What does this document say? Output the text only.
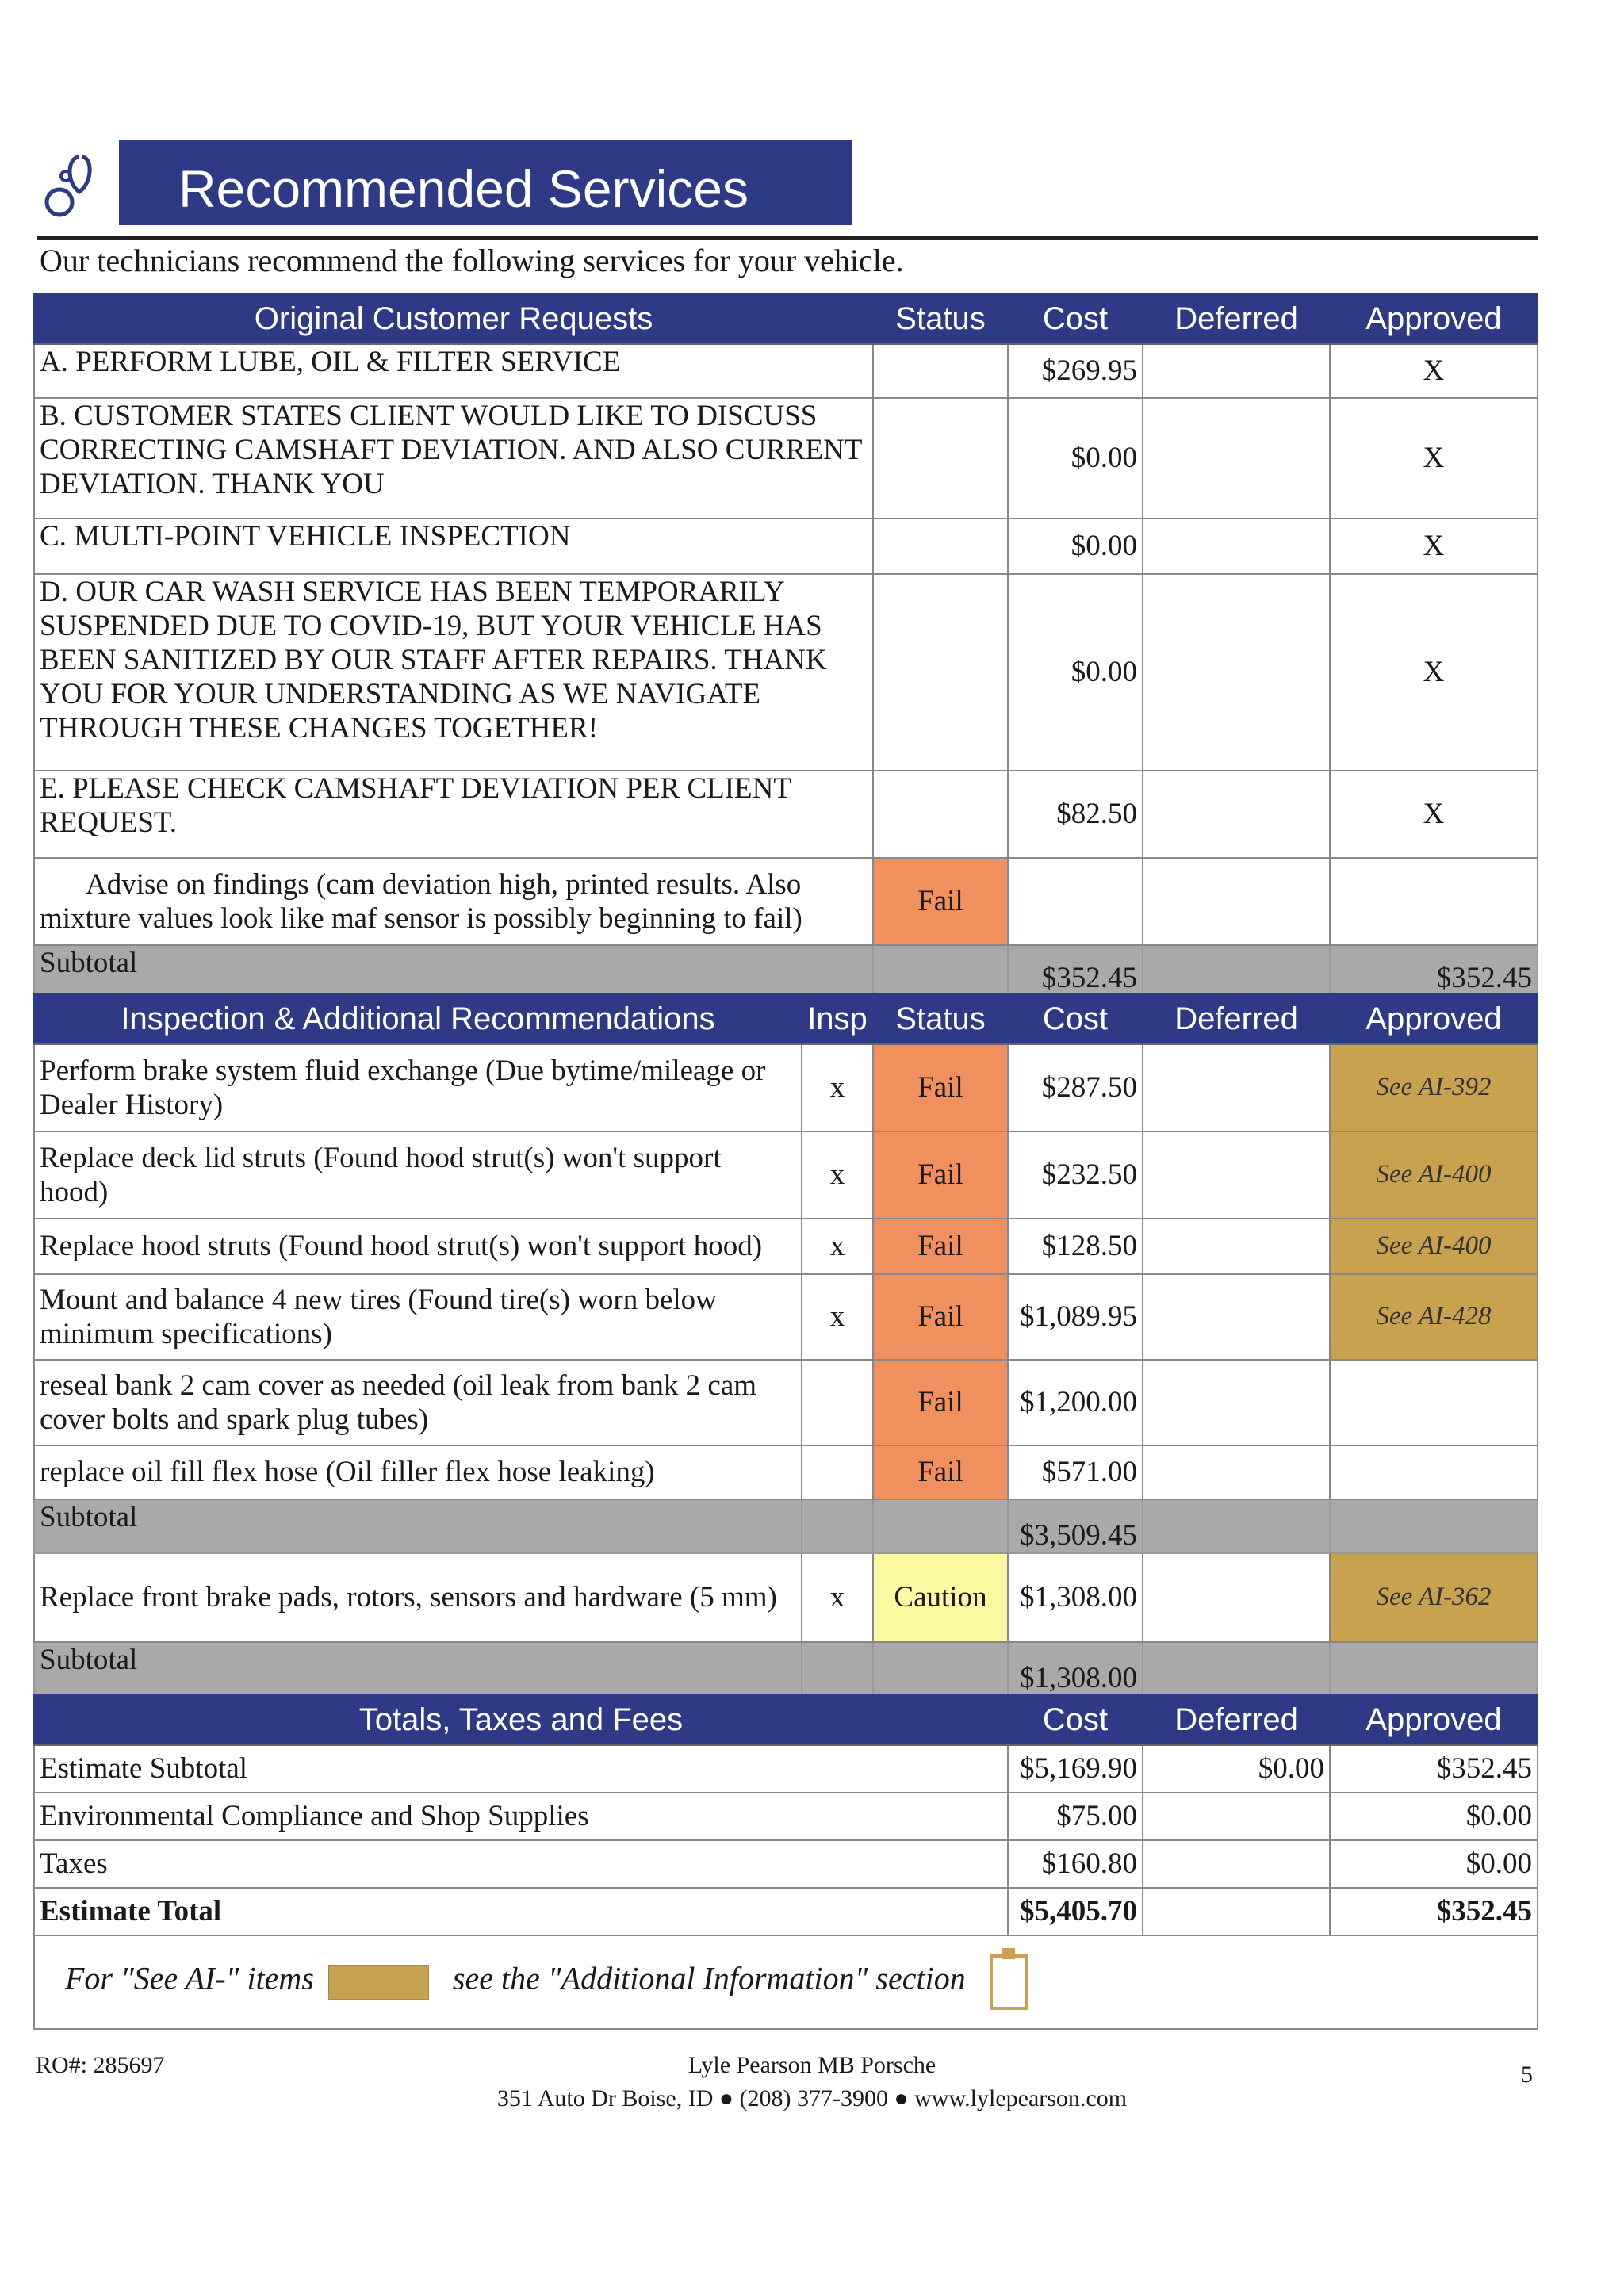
Recommended Services
Our technicians recommend the following services for your vehicle.
Original Customer Requests	Status	Cost	Deferred	Approved
A. PERFORM LUBE, OIL & FILTER SERVICE		$269.95		X
B. CUSTOMER STATES CLIENT WOULD LIKE TO DISCUSS CORRECTING CAMSHAFT DEVIATION. AND ALSO CURRENT DEVIATION. THANK YOU		$0.00		X
C. MULTI-POINT VEHICLE INSPECTION		$0.00		X
D. OUR CAR WASH SERVICE HAS BEEN TEMPORARILY SUSPENDED DUE TO COVID-19, BUT YOUR VEHICLE HAS BEEN SANITIZED BY OUR STAFF AFTER REPAIRS. THANK YOU FOR YOUR UNDERSTANDING AS WE NAVIGATE THROUGH THESE CHANGES TOGETHER!		$0.00		X
E. PLEASE CHECK CAMSHAFT DEVIATION PER CLIENT REQUEST.		$82.50		X
Advise on findings (cam deviation high, printed results. Also mixture values look like maf sensor is possibly beginning to fail)	Fail			
Subtotal		$352.45		$352.45
Inspection & Additional Recommendations	Insp	Status	Cost	Deferred	Approved
Perform brake system fluid exchange (Due bytime/mileage or Dealer History)	x	Fail	$287.50		See AI-392
Replace deck lid struts (Found hood strut(s) won't support hood)	x	Fail	$232.50		See AI-400
Replace hood struts (Found hood strut(s) won't support hood)	x	Fail	$128.50		See AI-400
Mount and balance 4 new tires (Found tire(s) worn below minimum specifications)	x	Fail	$1,089.95		See AI-428
reseal bank 2 cam cover as needed (oil leak from bank 2 cam cover bolts and spark plug tubes)		Fail	$1,200.00		
replace oil fill flex hose (Oil filler flex hose leaking)		Fail	$571.00		
Subtotal			$3,509.45		
Replace front brake pads, rotors, sensors and hardware (5 mm)	x	Caution	$1,308.00		See AI-362
Subtotal			$1,308.00		
Totals, Taxes and Fees	Cost	Deferred	Approved
Estimate Subtotal	$5,169.90	$0.00	$352.45
Environmental Compliance and Shop Supplies	$75.00		$0.00
Taxes	$160.80		$0.00
Estimate Total	$5,405.70		$352.45
For "See AI-" items see the "Additional Information" section			
RO#: 285697	Lyle Pearson MB Porsche
351 Auto Dr Boise, ID ● (208) 377-3900 ● www.lylepearson.com
5
